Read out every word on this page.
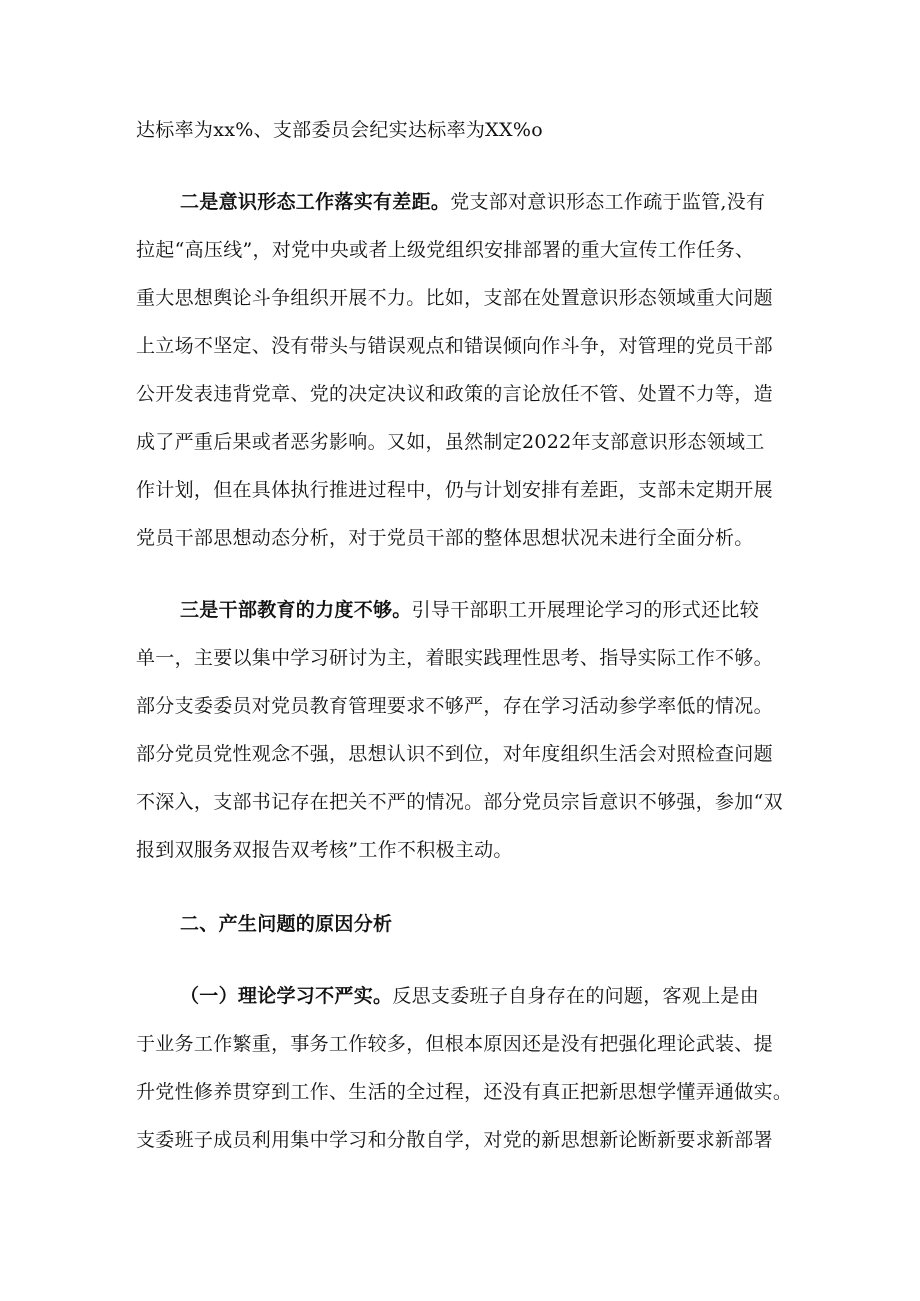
达标率为xx%、支部委员会纪实达标率为XX%o
二是意识形态工作落实有差距。党支部对意识形态工作疏于监管,没有
拉起“高压线”，对党中央或者上级党组织安排部署的重大宣传工作任务、
重大思想舆论斗争组织开展不力。比如，支部在处置意识形态领域重大问题
上立场不坚定、没有带头与错误观点和错误倾向作斗争，对管理的党员干部
公开发表违背党章、党的决定决议和政策的言论放任不管、处置不力等，造
成了严重后果或者恶劣影响。又如，虽然制定2022年支部意识形态领域工
作计划，但在具体执行推进过程中，仍与计划安排有差距，支部未定期开展
党员干部思想动态分析，对于党员干部的整体思想状况未进行全面分析。
三是干部教育的力度不够。引导干部职工开展理论学习的形式还比较
单一，主要以集中学习研讨为主，着眼实践理性思考、指导实际工作不够。
部分支委委员对党员教育管理要求不够严，存在学习活动参学率低的情况。
部分党员党性观念不强，思想认识不到位，对年度组织生活会对照检查问题
不深入，支部书记存在把关不严的情况。部分党员宗旨意识不够强，参加“双
报到双服务双报告双考核”工作不积极主动。
二、产生问题的原因分析
（一）理论学习不严实。反思支委班子自身存在的问题，客观上是由
于业务工作繁重，事务工作较多，但根本原因还是没有把强化理论武装、提
升党性修养贯穿到工作、生活的全过程，还没有真正把新思想学懂弄通做实。
支委班子成员利用集中学习和分散自学，对党的新思想新论断新要求新部署
